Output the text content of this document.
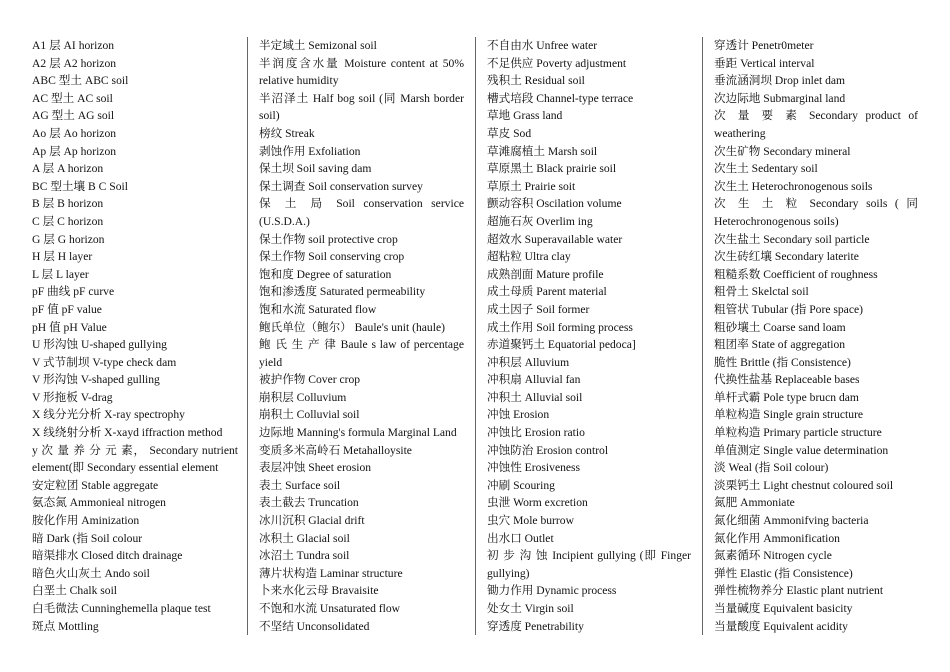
A1 层 AI horizon
A2 层 A2 horizon
ABC 型土 ABC soil
AC 型土 AC soil
AG 型土 AG soil
Ao 层 Ao horizon
Ap 层 Ap horizon
A 层 A horizon
BC 型土壤 B C Soil
B 层 B horizon
C 层 C horizon
G 层 G horizon
H 层 H layer
L 层 L layer
pF 曲线 pF curve
pF 值 pF value
pH 值 pH Value
U 形沟蚀 U-shaped gullying
V 式节制坝 V-type check dam
V 形沟蚀 V-shaped gulling
V 形拖板 V-drag
X 线分光分析 X-ray spectrophy
X 线绕射分析 X-xayd iffraction method
y 次 量 养 分 元 素， Secondary nutrient element(即 Secondary essential element
安定粒团 Stable aggregate
氨态氮 Ammonieal nitrogen
胺化作用 Aminization
暗 Dark (指 Soil colour
暗渠排水 Closed ditch drainage
暗色火山灰土 Ando soil
白垩土 Chalk soil
白毛微法 Cunninghemella plaque test
斑点 Mottling
半定域土 Semizonal soil
半润度含水量 Moisture content at 50% relative humidity
半沼泽土 Half bog soil (同 Marsh border soil)
榜纹 Streak
剥蚀作用 Exfoliation
保土坝 Soil saving dam
保土调查 Soil conservation survey
保 土 局 Soil conservation service (U.S.D.A.)
保土作物 soil protective crop
保土作物 Soil conserving crop
饱和度 Degree of saturation
饱和渗透度 Saturated permeability
饱和水流 Saturated flow
鲍氏单位（鲍尔） Baule's unit (haule)
鲍 氏 生 产 律 Baule s law of percentage yield
被护作物 Cover crop
崩积层 Colluvium
崩积土 Colluvial soil
边际地 Manning's formula Marginal Land
变质多米高岭石 Metahalloysite
表层冲蚀 Sheet erosion
表土 Surface soil
表土截去 Truncation
冰川沉积 Glacial drift
冰积土 Glacial soil
冰沼土 Tundra soil
薄片状构造 Laminar structure
卜来水化云母 Bravaisite
不饱和水流 Unsaturated flow
不坚结 Unconsolidated
不自由水 Unfree water
不足供应 Poverty adjustment
残积土 Residual soil
槽式培段 Channel-type terrace
草地 Grass land
草皮 Sod
草滩腐植土 Marsh soil
草原黑土 Black prairie soil
草原土 Prairie soit
颤动容积 Oscilation volume
超施石灰 Overlim ing
超效水 Superavailable water
超粘粒 Ultra clay
成熟剖面 Mature profile
成土母质 Parent material
成土因子 Soil former
成土作用 Soil forming process
赤道聚钙土 Equatorial pedoca]
冲积层 Alluvium
冲积扇 Alluvial fan
冲积土 Alluvial soil
冲蚀 Erosion
冲蚀比 Erosion ratio
冲蚀防治 Erosion control
冲蚀性 Erosiveness
冲刷 Scouring
虫泄 Worm excretion
虫穴 Mole burrow
出水口 Outlet
初 步 沟 蚀 Incipient gullying (即 Finger gullying)
锄力作用 Dynamic process
处女土 Virgin soil
穿透度 Penetrability
穿透计 Penetr0meter
垂距 Vertical interval
垂流涵洞坝 Drop inlet dam
次边际地 Submarginal land
次 量 要 素 Secondary product of weathering
次生矿物 Secondary mineral
次生土 Sedentary soil
次生土 Heterochronogenous soils
次 生 土 粒 Secondary soils ( 同 Heterochronogenous soils)
次生盐土 Secondary soil particle
次生砖红壤 Secondary laterite
粗糙系数 Coefficient of roughness
粗骨土 Skelctal soil
粗管状 Tubular (指 Pore space)
粗砂壤土 Coarse sand loam
粗团率 State of aggregation
脆性 Brittle (指 Consistence)
代换性盐基 Replaceable bases
单杆式霸 Pole type brucn dam
单粒构造 Single grain structure
单粒构造 Primary particle structure
单值测定 Single value determination
淡 Weal (指 Soil colour)
淡栗钙土 Light chestnut coloured soil
氮肥 Ammoniate
氮化细菌 Ammonifving bacteria
氮化作用 Ammonification
氮素循环 Nitrogen cycle
弹性 Elastic (指 Consistence)
弹性梳物养分 Elastic plant nutrient
当量碱度 Equivalent basicity
当量酸度 Equivalent acidity
